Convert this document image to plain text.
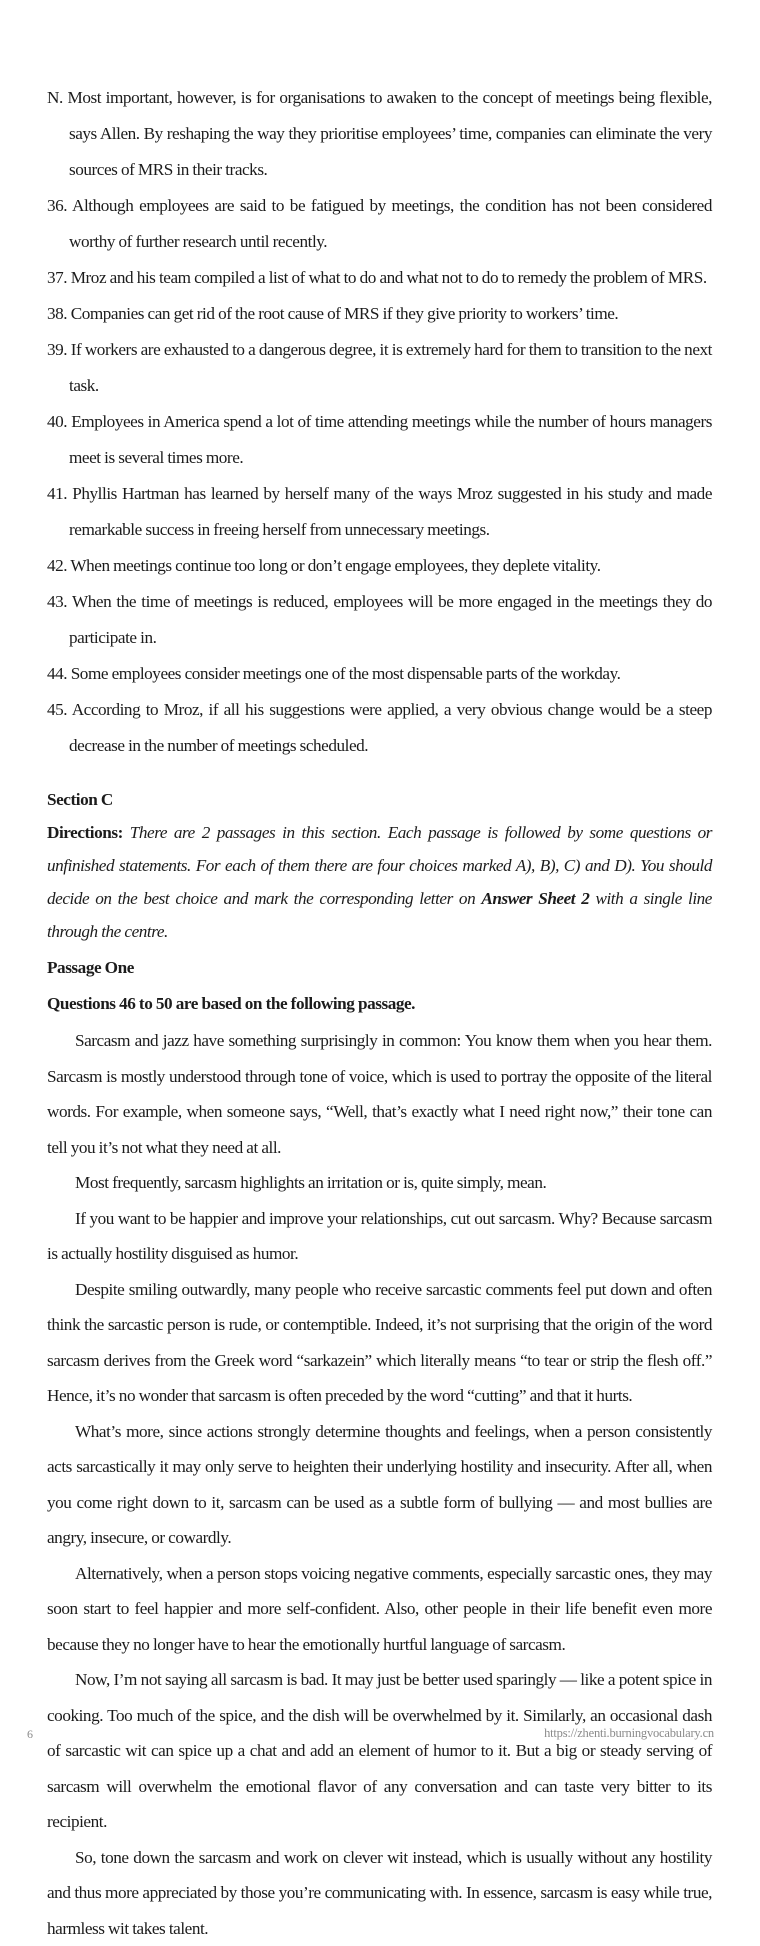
N. Most important, however, is for organisations to awaken to the concept of meetings being flexible, says Allen. By reshaping the way they prioritise employees’ time, companies can eliminate the very sources of MRS in their tracks.
36. Although employees are said to be fatigued by meetings, the condition has not been considered worthy of further research until recently.
37. Mroz and his team compiled a list of what to do and what not to do to remedy the problem of MRS.
38. Companies can get rid of the root cause of MRS if they give priority to workers’ time.
39. If workers are exhausted to a dangerous degree, it is extremely hard for them to transition to the next task.
40. Employees in America spend a lot of time attending meetings while the number of hours managers meet is several times more.
41. Phyllis Hartman has learned by herself many of the ways Mroz suggested in his study and made remarkable success in freeing herself from unnecessary meetings.
42. When meetings continue too long or don’t engage employees, they deplete vitality.
43. When the time of meetings is reduced, employees will be more engaged in the meetings they do participate in.
44. Some employees consider meetings one of the most dispensable parts of the workday.
45. According to Mroz, if all his suggestions were applied, a very obvious change would be a steep decrease in the number of meetings scheduled.
Section C
Directions: There are 2 passages in this section. Each passage is followed by some questions or unfinished statements. For each of them there are four choices marked A), B), C) and D). You should decide on the best choice and mark the corresponding letter on Answer Sheet 2 with a single line through the centre.
Passage One
Questions 46 to 50 are based on the following passage.

Sarcasm and jazz have something surprisingly in common: You know them when you hear them. Sarcasm is mostly understood through tone of voice, which is used to portray the opposite of the literal words. For example, when someone says, “Well, that’s exactly what I need right now,” their tone can tell you it’s not what they need at all.

Most frequently, sarcasm highlights an irritation or is, quite simply, mean.

If you want to be happier and improve your relationships, cut out sarcasm. Why? Because sarcasm is actually hostility disguised as humor.

Despite smiling outwardly, many people who receive sarcastic comments feel put down and often think the sarcastic person is rude, or contemptible. Indeed, it’s not surprising that the origin of the word sarcasm derives from the Greek word “sarkazein” which literally means “to tear or strip the flesh off.” Hence, it’s no wonder that sarcasm is often preceded by the word “cutting” and that it hurts.

What’s more, since actions strongly determine thoughts and feelings, when a person consistently acts sarcastically it may only serve to heighten their underlying hostility and insecurity. After all, when you come right down to it, sarcasm can be used as a subtle form of bullying — and most bullies are angry, insecure, or cowardly.

Alternatively, when a person stops voicing negative comments, especially sarcastic ones, they may soon start to feel happier and more self-confident. Also, other people in their life benefit even more because they no longer have to hear the emotionally hurtful language of sarcasm.

Now, I’m not saying all sarcasm is bad. It may just be better used sparingly — like a potent spice in cooking. Too much of the spice, and the dish will be overwhelmed by it. Similarly, an occasional dash of sarcastic wit can spice up a chat and add an element of humor to it. But a big or steady serving of sarcasm will overwhelm the emotional flavor of any conversation and can taste very bitter to its recipient.

So, tone down the sarcasm and work on clever wit instead, which is usually without any hostility and thus more appreciated by those you’re communicating with. In essence, sarcasm is easy while true, harmless wit takes talent.

6	https://zhenti.burningvocabulary.cn
